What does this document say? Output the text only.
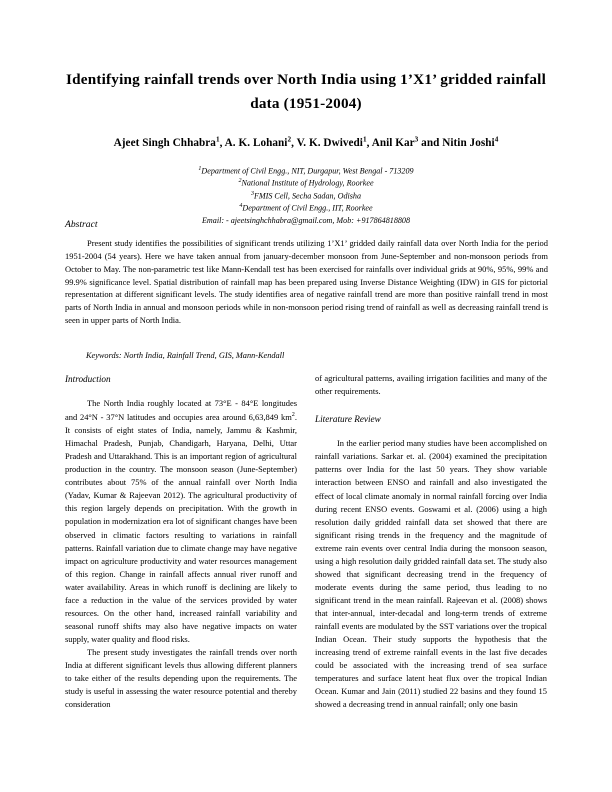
Identifying rainfall trends over North India using 1’X1’ gridded rainfall data (1951-2004)
Ajeet Singh Chhabra$^1$, A. K. Lohani$^2$, V. K. Dwivedi$^1$, Anil Kar$^3$ and Nitin Joshi$^4$
$^1$Department of Civil Engg., NIT, Durgapur, West Bengal - 713209
$^2$National Institute of Hydrology, Roorkee
$^3$FMIS Cell, Secha Sadan, Odisha
$^4$Department of Civil Engg., IIT, Roorkee
Email: - ajeetsinghchhabra@gmail.com, Mob: +917864818808
Abstract

Present study identifies the possibilities of significant trends utilizing 1’X1’ gridded daily rainfall data over North India for the period 1951-2004 (54 years). Here we have taken annual from january-december monsoon from June-September and non-monsoon periods from October to May. The non-parametric test like Mann-Kendall test has been exercised for rainfalls over individual grids at 90%, 95%, 99% and 99.9% significance level. Spatial distribution of rainfall map has been prepared using Inverse Distance Weighting (IDW) in GIS for pictorial representation at different significant levels. The study identifies area of negative rainfall trend are more than positive rainfall trend in most parts of North India in annual and monsoon periods while in non-monsoon period rising trend of rainfall as well as decreasing rainfall trend is seen in upper parts of North India.

Keywords: North India, Rainfall Trend, GIS, Mann-Kendall
Introduction

The North India roughly located at 73°E - 84°E longitudes and 24°N - 37°N latitudes and occupies area around 6,63,849 km$^2$. It consists of eight states of India, namely, Jammu & Kashmir, Himachal Pradesh, Punjab, Chandigarh, Haryana, Delhi, Uttar Pradesh and Uttarakhand. This is an important region of agricultural production in the country. The monsoon season (June-September) contributes about 75% of the annual rainfall over North India (Yadav, Kumar & Rajeevan 2012). The agricultural productivity of this region largely depends on precipitation. With the growth in population in modernization era lot of significant changes have been observed in climatic factors resulting to variations in rainfall patterns. Rainfall variation due to climate change may have negative impact on agriculture productivity and water resources management of this region. Change in rainfall affects annual river runoff and water availability. Areas in which runoff is declining are likely to face a reduction in the value of the services provided by water resources. On the other hand, increased rainfall variability and seasonal runoff shifts may also have negative impacts on water supply, water quality and flood risks.

The present study investigates the rainfall trends over north India at different significant levels thus allowing different planners to take either of the results depending upon the requirements. The study is useful in assessing the water resource potential and thereby consideration

of agricultural patterns, availing irrigation facilities and many of the other requirements.

Literature Review

In the earlier period many studies have been accomplished on rainfall variations. Sarkar et. al. (2004) examined the precipitation patterns over India for the last 50 years. They show variable interaction between ENSO and rainfall and also investigated the effect of local climate anomaly in normal rainfall forcing over India during recent ENSO events. Goswami et al. (2006) using a high resolution daily gridded rainfall data set showed that there are significant rising trends in the frequency and the magnitude of extreme rain events over central India during the monsoon season, using a high resolution daily gridded rainfall data set. The study also showed that significant decreasing trend in the frequency of moderate events during the same period, thus leading to no significant trend in the mean rainfall. Rajeevan et al. (2008) shows that inter-annual, inter-decadal and long-term trends of extreme rainfall events are modulated by the SST variations over the tropical Indian Ocean. Their study supports the hypothesis that the increasing trend of extreme rainfall events in the last five decades could be associated with the increasing trend of sea surface temperatures and surface latent heat flux over the tropical Indian Ocean. Kumar and Jain (2011) studied 22 basins and they found 15 showed a decreasing trend in annual rainfall; only one basin
